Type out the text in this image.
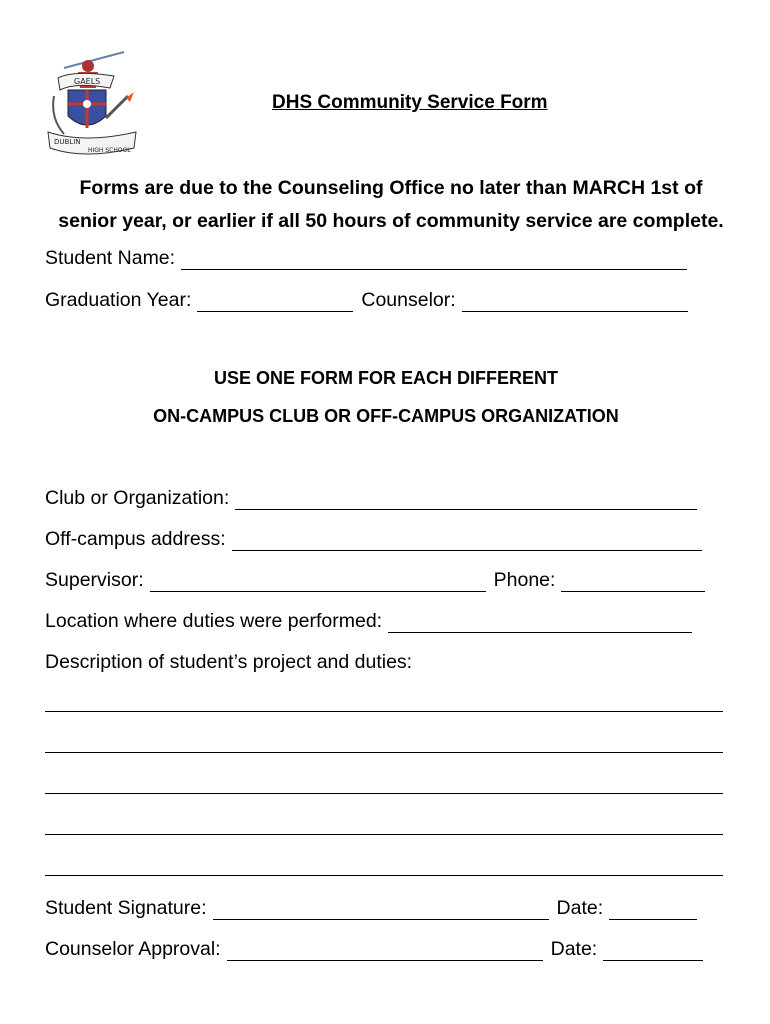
GAELS
DUBLIN
HIGH SCHOOL
DHS Community Service Form
Forms are due to the Counseling Office no later than MARCH 1st of
senior year, or earlier if all 50 hours of community service are complete.
Student Name:
Graduation Year:	Counselor:
USE ONE FORM FOR EACH DIFFERENT
ON-CAMPUS CLUB OR OFF-CAMPUS ORGANIZATION
Club or Organization:
Off-campus address:
Supervisor:	Phone:
Location where duties were performed:
Description of student’s project and duties:
Student Signature:	Date:
Counselor Approval:	Date:
